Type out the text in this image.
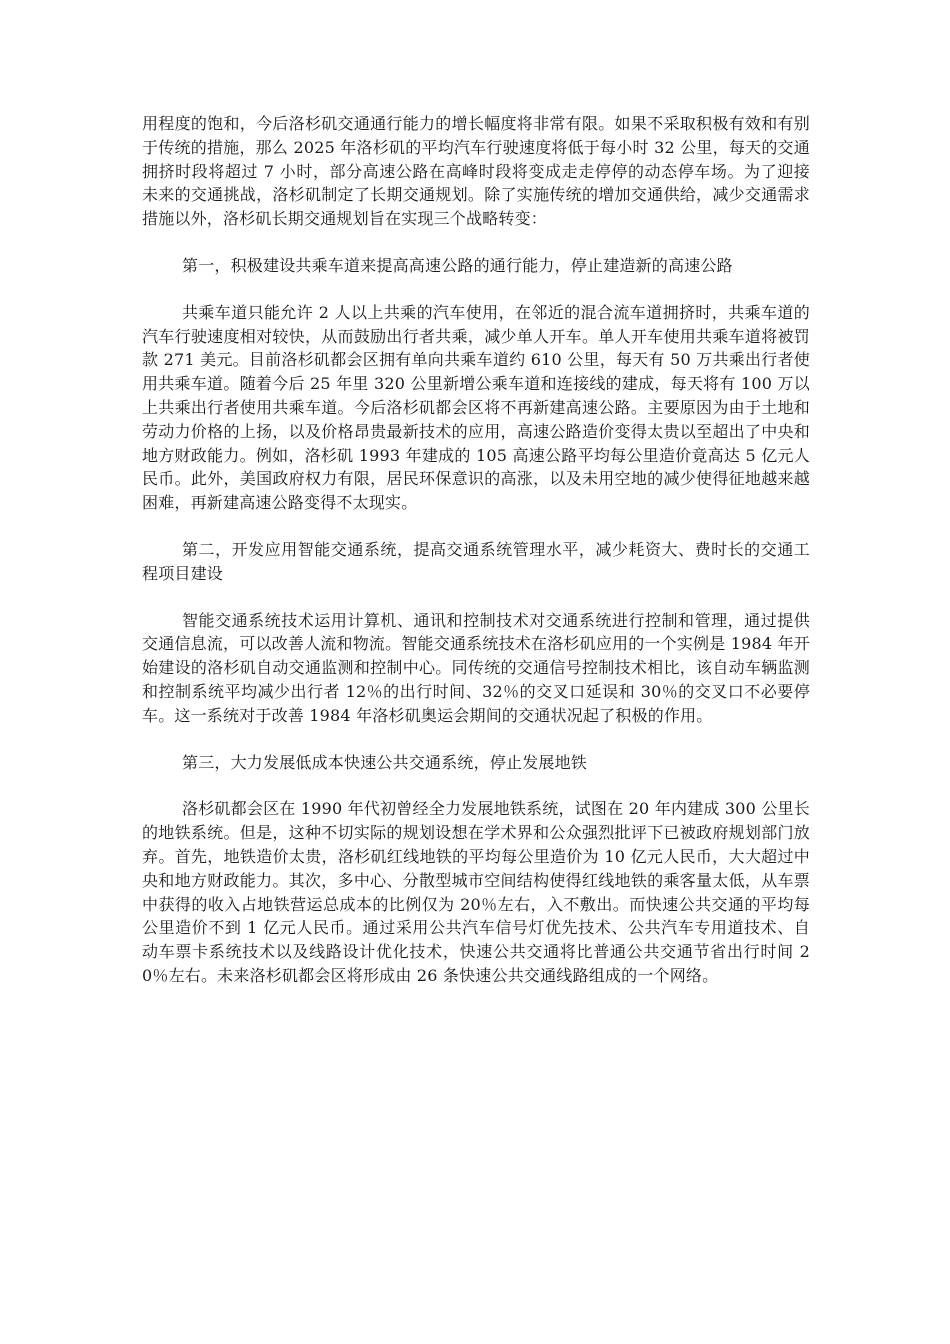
用程度的饱和，今后洛杉矶交通通行能力的增长幅度将非常有限。如果不采取积极有效和有别于传统的措施，那么 2025 年洛杉矶的平均汽车行驶速度将低于每小时 32 公里，每天的交通拥挤时段将超过 7 小时，部分高速公路在高峰时段将变成走走停停的动态停车场。为了迎接未来的交通挑战，洛杉矶制定了长期交通规划。除了实施传统的增加交通供给，减少交通需求措施以外，洛杉矶长期交通规划旨在实现三个战略转变：

第一，积极建设共乘车道来提高高速公路的通行能力，停止建造新的高速公路

共乘车道只能允许 2 人以上共乘的汽车使用，在邻近的混合流车道拥挤时，共乘车道的汽车行驶速度相对较快，从而鼓励出行者共乘，减少单人开车。单人开车使用共乘车道将被罚款 271 美元。目前洛杉矶都会区拥有单向共乘车道约 610 公里，每天有 50 万共乘出行者使用共乘车道。随着今后 25 年里 320 公里新增公乘车道和连接线的建成，每天将有 100 万以上共乘出行者使用共乘车道。今后洛杉矶都会区将不再新建高速公路。主要原因为由于土地和劳动力价格的上扬，以及价格昂贵最新技术的应用，高速公路造价变得太贵以至超出了中央和地方财政能力。例如，洛杉矶 1993 年建成的 105 高速公路平均每公里造价竟高达 5 亿元人民币。此外，美国政府权力有限，居民环保意识的高涨，以及未用空地的减少使得征地越来越困难，再新建高速公路变得不太现实。

第二，开发应用智能交通系统，提高交通系统管理水平，减少耗资大、费时长的交通工程项目建设

智能交通系统技术运用计算机、通讯和控制技术对交通系统进行控制和管理，通过提供交通信息流，可以改善人流和物流。智能交通系统技术在洛杉矶应用的一个实例是 1984 年开始建设的洛杉矶自动交通监测和控制中心。同传统的交通信号控制技术相比，该自动车辆监测和控制系统平均减少出行者 12％的出行时间、32％的交叉口延误和 30％的交叉口不必要停车。这一系统对于改善 1984 年洛杉矶奥运会期间的交通状况起了积极的作用。

第三，大力发展低成本快速公共交通系统，停止发展地铁

洛杉矶都会区在 1990 年代初曾经全力发展地铁系统，试图在 20 年内建成 300 公里长的地铁系统。但是，这种不切实际的规划设想在学术界和公众强烈批评下已被政府规划部门放弃。首先，地铁造价太贵，洛杉矶红线地铁的平均每公里造价为 10 亿元人民币，大大超过中央和地方财政能力。其次，多中心、分散型城市空间结构使得红线地铁的乘客量太低，从车票中获得的收入占地铁营运总成本的比例仅为 20％左右，入不敷出。而快速公共交通的平均每公里造价不到 1 亿元人民币。通过采用公共汽车信号灯优先技术、公共汽车专用道技术、自动车票卡系统技术以及线路设计优化技术，快速公共交通将比普通公共交通节省出行时间 20％左右。未来洛杉矶都会区将形成由 26 条快速公共交通线路组成的一个网络。
